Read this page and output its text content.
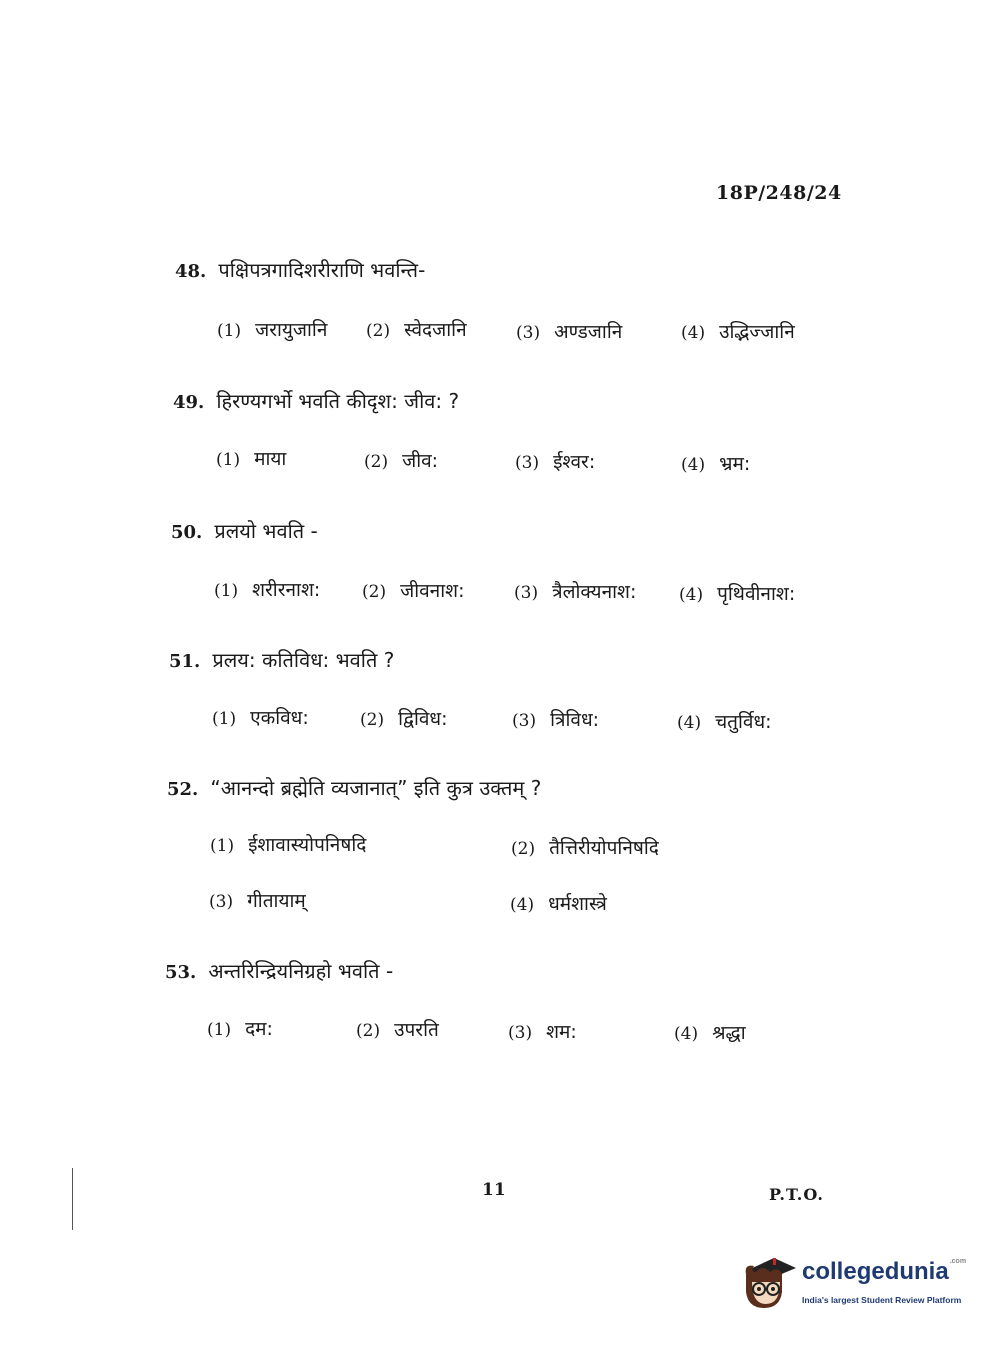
18P/248/24
48. पक्षिपत्रगादिशरीराणि भवन्ति-
(1) जरायुजानि (2) स्वेदजानि	(3) अण्डजानि	(4) उद्भिज्जानि
49. हिरण्यगर्भो भवति कीदृश: जीव: ?
(1) माया	(2) जीव:	(3) ईश्वर:	(4) भ्रम:
50. प्रलयो भवति -
(1) शरीरनाश: (2) जीवनाश:	(3) त्रैलोक्यनाश:	(4) पृथिवीनाश:
51. प्रलय: कतिविध: भवति ?
(1) एकविध:	(2) द्विविध:	(3) त्रिविध:	(4) चतुर्विध:
52. “आनन्दो ब्रह्मेति व्यजानात्” इति कुत्र उक्तम् ?
(1) ईशावास्योपनिषदि	(2) तैत्तिरीयोपनिषदि
(3) गीतायाम्	(4) धर्मशास्त्रे
53. अन्तरिन्द्रियनिग्रहो भवति -
(1) दम:	(2) उपरति	(3) शम:	(4) श्रद्धा
11	P.T.O.
collegedunia$^{.com}$
India's largest Student Review Platform
